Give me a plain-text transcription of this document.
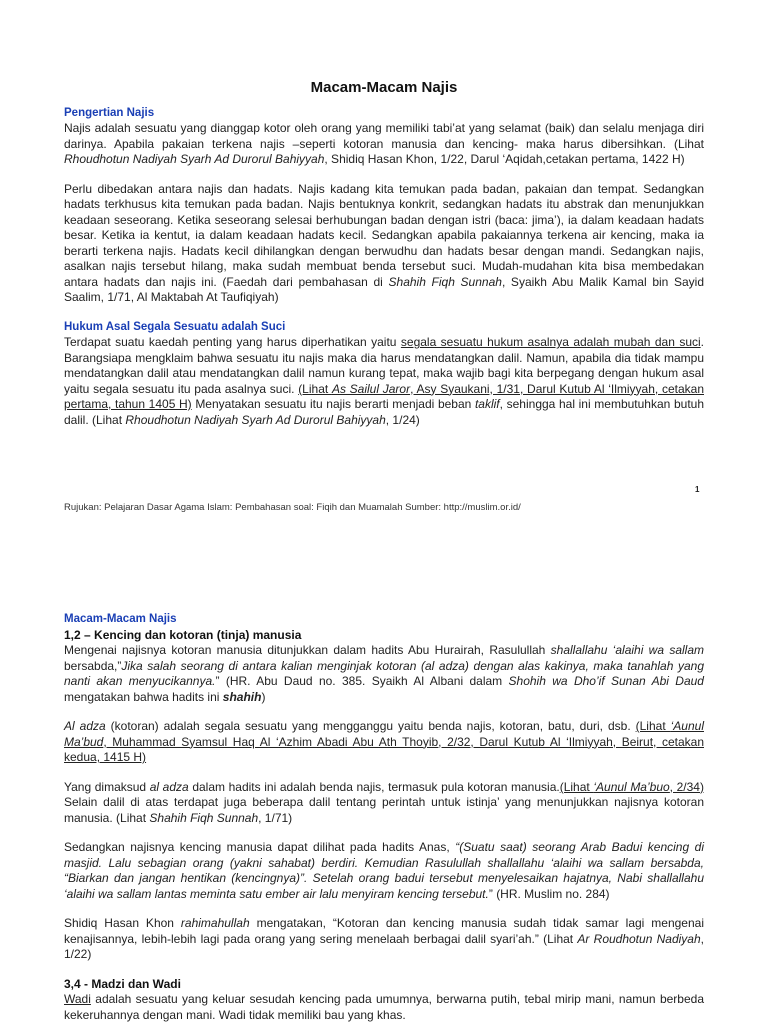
Macam-Macam Najis
Pengertian Najis

Najis adalah sesuatu yang dianggap kotor oleh orang yang memiliki tabi’at yang selamat (baik) dan selalu menjaga diri darinya. Apabila pakaian terkena najis –seperti kotoran manusia dan kencing- maka harus dibersihkan. (Lihat Rhoudhotun Nadiyah Syarh Ad Durorul Bahiyyah, Shidiq Hasan Khon, 1/22, Darul ‘Aqidah,cetakan pertama, 1422 H)

Perlu dibedakan antara najis dan hadats. Najis kadang kita temukan pada badan, pakaian dan tempat. Sedangkan hadats terkhusus kita temukan pada badan. Najis bentuknya konkrit, sedangkan hadats itu abstrak dan menunjukkan keadaan seseorang. Ketika seseorang selesai berhubungan badan dengan istri (baca: jima’), ia dalam keadaan hadats besar. Ketika ia kentut, ia dalam keadaan hadats kecil. Sedangkan apabila pakaiannya terkena air kencing, maka ia berarti terkena najis. Hadats kecil dihilangkan dengan berwudhu dan hadats besar dengan mandi. Sedangkan najis, asalkan najis tersebut hilang, maka sudah membuat benda tersebut suci. Mudah-mudahan kita bisa membedakan antara hadats dan najis ini. (Faedah dari pembahasan di Shahih Fiqh Sunnah, Syaikh Abu Malik Kamal bin Sayid Saalim, 1/71, Al Maktabah At Taufiqiyah)

Hukum Asal Segala Sesuatu adalah Suci

Terdapat suatu kaedah penting yang harus diperhatikan yaitu segala sesuatu hukum asalnya adalah mubah dan suci. Barangsiapa mengklaim bahwa sesuatu itu najis maka dia harus mendatangkan dalil. Namun, apabila dia tidak mampu mendatangkan dalil atau mendatangkan dalil namun kurang tepat, maka wajib bagi kita berpegang dengan hukum asal yaitu segala sesuatu itu pada asalnya suci. (Lihat As Sailul Jaror, Asy Syaukani, 1/31, Darul Kutub Al ‘Ilmiyyah, cetakan pertama, tahun 1405 H) Menyatakan sesuatu itu najis berarti menjadi beban taklif, sehingga hal ini membutuhkan butuh dalil. (Lihat Rhoudhotun Nadiyah Syarh Ad Durorul Bahiyyah, 1/24)

1
Rujukan: Pelajaran Dasar Agama Islam: Pembahasan soal: Fiqih dan Muamalah Sumber: http://muslim.or.id/
Macam-Macam Najis
1,2 – Kencing dan kotoran (tinja) manusia

Mengenai najisnya kotoran manusia ditunjukkan dalam hadits Abu Hurairah, Rasulullah shallallahu ‘alaihi wa sallam bersabda,”Jika salah seorang di antara kalian menginjak kotoran (al adza) dengan alas kakinya, maka tanahlah yang nanti akan menyucikannya.” (HR. Abu Daud no. 385. Syaikh Al Albani dalam Shohih wa Dho’if Sunan Abi Daud mengatakan bahwa hadits ini shahih)

Al adza (kotoran) adalah segala sesuatu yang mengganggu yaitu benda najis, kotoran, batu, duri, dsb. (Lihat ‘Aunul Ma’bud, Muhammad Syamsul Haq Al ‘Azhim Abadi Abu Ath Thoyib, 2/32, Darul Kutub Al ‘Ilmiyyah, Beirut, cetakan kedua, 1415 H)

Yang dimaksud al adza dalam hadits ini adalah benda najis, termasuk pula kotoran manusia.(Lihat ‘Aunul Ma’buo, 2/34) Selain dalil di atas terdapat juga beberapa dalil tentang perintah untuk istinja’ yang menunjukkan najisnya kotoran manusia. (Lihat Shahih Fiqh Sunnah, 1/71)

Sedangkan najisnya kencing manusia dapat dilihat pada hadits Anas, “(Suatu saat) seorang Arab Badui kencing di masjid. Lalu sebagian orang (yakni sahabat) berdiri. Kemudian Rasulullah shallallahu ‘alaihi wa sallam bersabda, “Biarkan dan jangan hentikan (kencingnya)”. Setelah orang badui tersebut menyelesaikan hajatnya, Nabi shallallahu ‘alaihi wa sallam lantas meminta satu ember air lalu menyiram kencing tersebut.” (HR. Muslim no. 284)

Shidiq Hasan Khon rahimahullah mengatakan, “Kotoran dan kencing manusia sudah tidak samar lagi mengenai kenajisannya, lebih-lebih lagi pada orang yang sering menelaah berbagai dalil syari’ah.” (Lihat Ar Roudhotun Nadiyah, 1/22)

3,4 - Madzi dan Wadi

Wadi adalah sesuatu yang keluar sesudah kencing pada umumnya, berwarna putih, tebal mirip mani, namun berbeda kekeruhannya dengan mani. Wadi tidak memiliki bau yang khas.
